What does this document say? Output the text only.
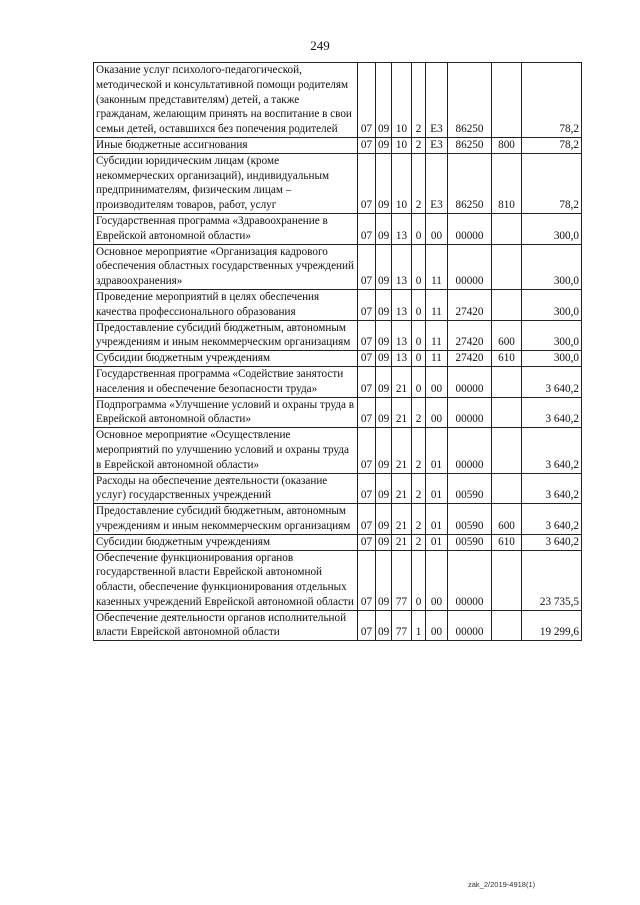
249
Оказание услуг психолого-педагогической, методической и консультативной помощи родителям (законным представителям) детей, а также гражданам, желающим принять на воспитание в свои семьи детей, оставшихся без попечения родителей	07	09	10	2	E3	86250		78,2
Иные бюджетные ассигнования	07	09	10	2	E3	86250	800	78,2
Субсидии юридическим лицам (кроме некоммерческих организаций), индивидуальным предпринимателям, физическим лицам – производителям товаров, работ, услуг	07	09	10	2	E3	86250	810	78,2
Государственная программа «Здравоохранение в Еврейской автономной области»	07	09	13	0	00	00000		300,0
Основное мероприятие «Организация кадрового обеспечения областных государственных учреждений здравоохранения»	07	09	13	0	11	00000		300,0
Проведение мероприятий в целях обеспечения качества профессионального образования	07	09	13	0	11	27420		300,0
Предоставление субсидий бюджетным, автономным учреждениям и иным некоммерческим организациям	07	09	13	0	11	27420	600	300,0
Субсидии бюджетным учреждениям	07	09	13	0	11	27420	610	300,0
Государственная программа «Содействие занятости населения и обеспечение безопасности труда»	07	09	21	0	00	00000		3 640,2
Подпрограмма «Улучшение условий и охраны труда в Еврейской автономной области»	07	09	21	2	00	00000		3 640,2
Основное мероприятие «Осуществление мероприятий по улучшению условий и охраны труда в Еврейской автономной области»	07	09	21	2	01	00000		3 640,2
Расходы на обеспечение деятельности (оказание услуг) государственных учреждений	07	09	21	2	01	00590		3 640,2
Предоставление субсидий бюджетным, автономным учреждениям и иным некоммерческим организациям	07	09	21	2	01	00590	600	3 640,2
Субсидии бюджетным учреждениям	07	09	21	2	01	00590	610	3 640,2
Обеспечение функционирования органов государственной власти Еврейской автономной области, обеспечение функционирования отдельных казенных учреждений Еврейской автономной области	07	09	77	0	00	00000		23 735,5
Обеспечение деятельности органов исполнительной власти Еврейской автономной области	07	09	77	1	00	00000		19 299,6
zak_2/2019-4918(1)
